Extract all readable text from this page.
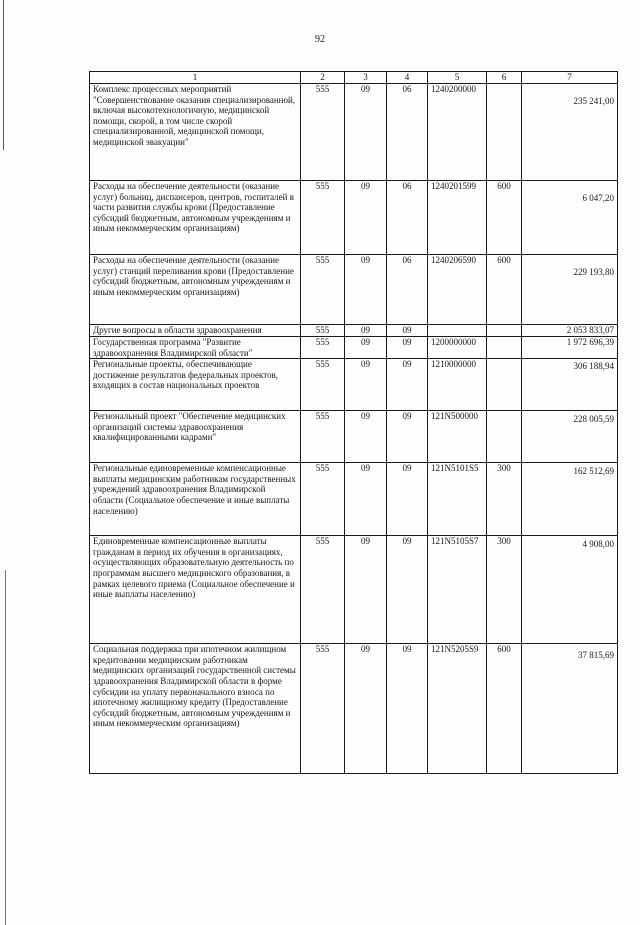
92
1	2	3	4	5	6	7
Комплекс процессных мероприятий "Совершенствование оказания специализированной, включая высокотехнологичную, медицинской помощи, скорой, в том числе скорой специализированной, медицинской помощи, медицинской эвакуации"	555	09	06	1240200000		235 241,00
Расходы на обеспечение деятельности (оказание услуг) больниц, диспансеров, центров, госпиталей в части развития службы крови (Предоставление субсидий бюджетным, автономным учреждениям и иным некоммерческим организациям)	555	09	06	1240201599	600	6 047,20
Расходы на обеспечение деятельности (оказание услуг) станций переливания крови (Предоставление субсидий бюджетным, автономным учреждениям и иным некоммерческим организациям)	555	09	06	1240206590	600	229 193,80
Другие вопросы в области здравоохранения	555	09	09			2 053 833,07
Государственная программа "Развитие здравоохранения Владимирской области"	555	09	09	1200000000		1 972 696,39
Региональные проекты, обеспечивающие достижение результатов федеральных проектов, входящих в состав национальных проектов	555	09	09	1210000000		306 188,94
Региональный проект "Обеспечение медицинских организаций системы здравоохранения квалифицированными кадрами"	555	09	09	121N500000		228 005,59
Региональные единовременные компенсационные выплаты медицинским работникам государственных учреждений здравоохранения Владимирской области (Социальное обеспечение и иные выплаты населению)	555	09	09	121N5101S5	300	162 512,69
Единовременные компенсационные выплаты гражданам в период их обучения в организациях, осуществляющих образовательную деятельность по программам высшего медицинского образования, в рамках целевого приема (Социальное обеспечение и иные выплаты населению)	555	09	09	121N5105S7	300	4 908,00
Социальная поддержка при ипотечном жилищном кредитовании медицинским работникам медицинских организаций государственной системы здравоохранения Владимирской области в форме субсидии на уплату первоначального взноса по ипотечному жилищному кредиту (Предоставление субсидий бюджетным, автономным учреждениям и иным некоммерческим организациям)	555	09	09	121N5205S9	600	37 815,69
